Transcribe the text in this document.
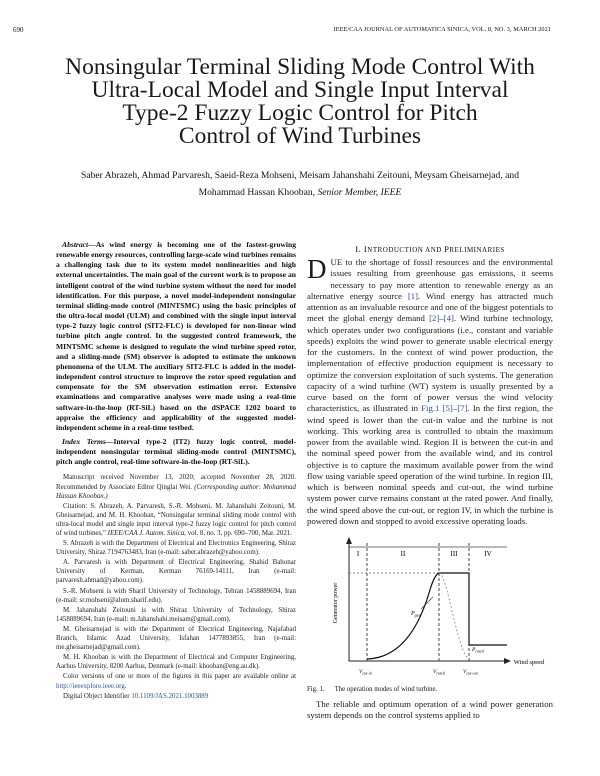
690	IEEE/CAA JOURNAL OF AUTOMATICA SINICA, VOL. 8, NO. 3, MARCH 2021
Nonsingular Terminal Sliding Mode Control With
Ultra-Local Model and Single Input Interval
Type-2 Fuzzy Logic Control for Pitch
Control of Wind Turbines
Saber Abrazeh, Ahmad Parvaresh, Saeid-Reza Mohseni, Meisam Jahanshahi Zeitouni, Meysam Gheisarnejad, and
Mohammad Hassan Khooban, Senior Member, IEEE

Abstract—As wind energy is becoming one of the fastest-growing renewable energy resources, controlling large-scale wind turbines remains a challenging task due to its system model nonlinearities and high external uncertainties. The main goal of the current work is to propose an intelligent control of the wind turbine system without the need for model identification. For this purpose, a novel model-independent nonsingular terminal sliding-mode control (MINTSMC) using the basic principles of the ultra-local model (ULM) and combined with the single input interval type-2 fuzzy logic control (SIT2-FLC) is developed for non-linear wind turbine pitch angle control. In the suggested control framework, the MINTSMC scheme is designed to regulate the wind turbine speed rotor, and a sliding-mode (SM) observer is adopted to estimate the unknown phenomena of the ULM. The auxiliary SIT2-FLC is added in the model-independent control structure to improve the rotor speed regulation and compensate for the SM observation estimation error. Extensive examinations and comparative analyses were made using a real-time software-in-the-loop (RT-SiL) based on the dSPACE 1202 board to appraise the efficiency and applicability of the suggested model-independent scheme in a real-time testbed.

Index Terms—Interval type-2 (IT2) fuzzy logic control, model-independent nonsingular terminal sliding-mode control (MINTSMC), pitch angle control, real-time software-in-the-loop (RT-SiL).

Manuscript received November 13, 2020; accepted November 28, 2020. Recommended by Associate Editor Qinglai Wei. (Corresponding author: Mohammad Hassan Khooban.)

Citation: S. Abrazeh, A. Parvaresh, S.-R. Mohseni, M. Jahanshahi Zeitouni, M. Gheisarnejad, and M. H. Khooban, “Nonsingular terminal sliding mode control with ultra-local model and single input interval type-2 fuzzy logic control for pitch control of wind turbines,” IEEE/CAA J. Autom. Sinica, vol. 8, no. 3, pp. 690–700, Mar. 2021.

S. Abrazeh is with the Department of Electrical and Electronics Engineering, Shiraz University, Shiraz 7194763483, Iran (e-mail: saber.abrazeh@yahoo.com).

A. Parvaresh is with Department of Electrical Engineering, Shahid Bahonar University of Kerman, Kerman 76169-14111, Iran (e-mail: parvaresh.ahmad@yahoo.com).

S.-R. Mohseni is with Sharif University of Technology, Tehran 1458889694, Iran (e-mail: sr.mohseni@alum.sharif.edu).

M. Jahanshahi Zeitouni is with Shiraz University of Technology, Shiraz 1458889694, Iran (e-mail: m.Jahanshahi.meisam@gmail.com).

M. Gheisarnejad is with the Department of Electrical Engineering, Najafabad Branch, Islamic Azad University, Isfahan 1477893855, Iran (e-mail: me.gheisarnejad@gmail.com).

M. H. Khooban is with the Department of Electrical and Computer Engineering, Aarhus University, 8200 Aarhus, Denmark (e-mail: khooban@eng.au.dk).

Color versions of one or more of the figures in this paper are available online at http://ieeexplore.ieee.org.

Digital Object Identifier 10.1109/JAS.2021.1003889

I. INTRODUCTION AND PRELIMINARIES

DUE to the shortage of fossil resources and the environmental issues resulting from greenhouse gas emissions, it seems necessary to pay more attention to renewable energy as an alternative energy source [1]. Wind energy has attracted much attention as an invaluable resource and one of the biggest potentials to meet the global energy demand [2]–[4]. Wind turbine technology, which operates under two configurations (i.e., constant and variable speeds) exploits the wind power to generate usable electrical energy for the customers. In the context of wind power production, the implementation of effective production equipment is necessary to optimize the conversion exploitation of such systems. The generation capacity of a wind turbine (WT) system is usually presented by a curve based on the form of power versus the wind velocity characteristics, as illustrated in Fig.1 [5]–[7]. In the first region, the wind speed is lower than the cut-in value and the turbine is not working. This working area is controlled to obtain the maximum power from the available wind. Region II is between the cut-in and the nominal speed power from the available wind, and its control objective is to capture the maximum available power from the wind flow using variable speed operation of the wind turbine. In region III, which is between nominal speeds and cut-out, the wind turbine system power curve remains constant at the rated power. And finally, the wind speed above the cut-out, or region IV, in which the turbine is powered down and stopped to avoid excessive operating loads.

Generator power
Wind speed
I	II	III	IV
$P_{gen}$
$P_{rated}$
$V_{cut-in}$	$V_{rated}$	$V_{cut-out}$
Fig. 1. The operation modes of wind turbine.

The reliable and optimum operation of a wind power generation system depends on the control systems applied to
